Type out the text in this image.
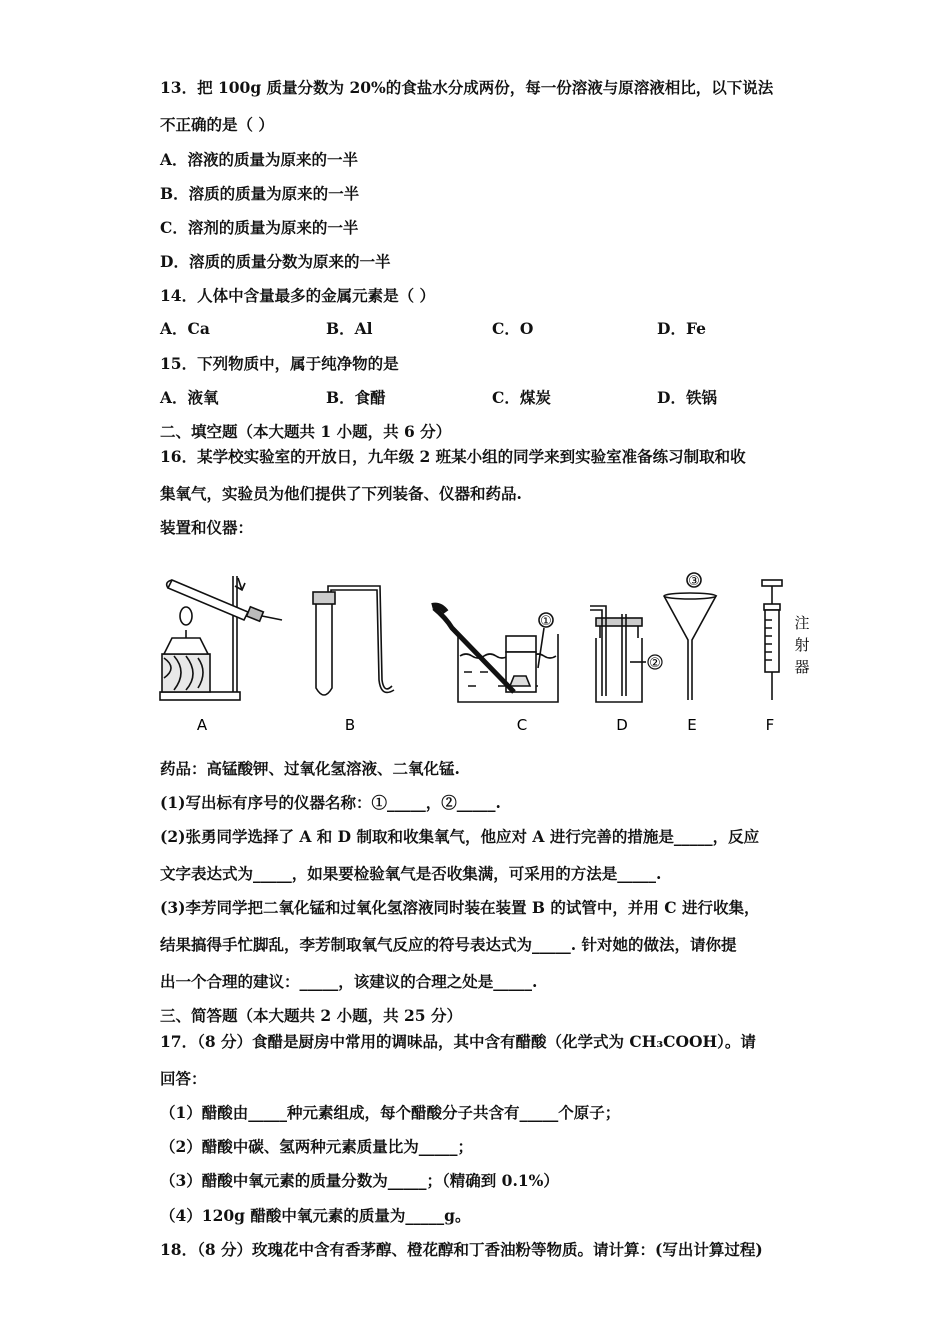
13．把 100g 质量分数为 20%的食盐水分成两份，每一份溶液与原溶液相比，以下说法
不正确的是（ ）
A．溶液的质量为原来的一半
B．溶质的质量为原来的一半
C．溶剂的质量为原来的一半
D．溶质的质量分数为原来的一半
14．人体中含量最多的金属元素是（ ）
A．Ca	B．Al	C．O	D．Fe
15．下列物质中，属于纯净物的是
A．液氧	B．食醋	C．煤炭	D．铁锅
二、填空题（本大题共 1 小题，共 6 分）
16．某学校实验室的开放日，九年级 2 班某小组的同学来到实验室准备练习制取和收
集氧气，实验员为他们提供了下列装备、仪器和药品.
装置和仪器：
A	B
①
C
②
D
③
E
注
射
器
F
药品：高锰酸钾、过氧化氢溶液、二氧化锰.
(1)写出标有序号的仪器名称：①_____，②_____.
(2)张勇同学选择了 A 和 D 制取和收集氧气，他应对 A 进行完善的措施是_____，反应
文字表达式为_____，如果要检验氧气是否收集满，可采用的方法是_____.
(3)李芳同学把二氧化锰和过氧化氢溶液同时装在装置 B 的试管中，并用 C 进行收集，
结果搞得手忙脚乱，李芳制取氧气反应的符号表达式为_____. 针对她的做法，请你提
出一个合理的建议：_____，该建议的合理之处是_____.
三、简答题（本大题共 2 小题，共 25 分）
17．（8 分）食醋是厨房中常用的调味品，其中含有醋酸（化学式为 CH₃COOH）。请
回答：
（1）醋酸由_____种元素组成，每个醋酸分子共含有_____个原子；
（2）醋酸中碳、氢两种元素质量比为_____；
（3）醋酸中氧元素的质量分数为_____；（精确到 0.1%）
（4）120g 醋酸中氧元素的质量为_____g。
18．（8 分）玫瑰花中含有香茅醇、橙花醇和丁香油粉等物质。请计算：(写出计算过程)
